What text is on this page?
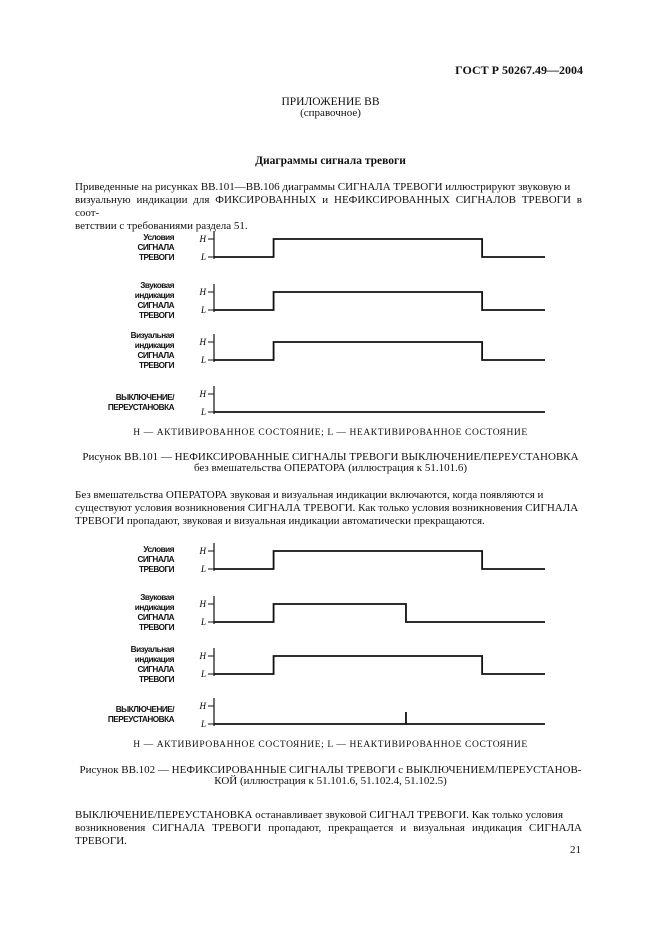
ГОСТ Р 50267.49—2004
ПРИЛОЖЕНИЕ ВВ
(справочное)
Диаграммы сигнала тревоги
Приведенные на рисунках ВВ.101—ВВ.106 диаграммы СИГНАЛА ТРЕВОГИ иллюстрируют звуковую и
визуальную индикации для ФИКСИРОВАННЫХ и НЕФИКСИРОВАННЫХ СИГНАЛОВ ТРЕВОГИ в соот-
ветствии с требованиями раздела 51.
Условия
СИГНАЛА
ТРЕВОГИ
Звуковая
индикация
СИГНАЛА
ТРЕВОГИ
Визуальная
индикация
СИГНАЛА
ТРЕВОГИ
ВЫКЛЮЧЕНИЕ/
ПЕРЕУСТАНОВКА
H — АКТИВИРОВАННОЕ СОСТОЯНИЕ; L — НЕАКТИВИРОВАННОЕ СОСТОЯНИЕ
Рисунок ВВ.101 — НЕФИКСИРОВАННЫЕ СИГНАЛЫ ТРЕВОГИ ВЫКЛЮЧЕНИЕ/ПЕРЕУСТАНОВКА
без вмешательства ОПЕРАТОРА (иллюстрация к 51.101.6)
Без вмешательства ОПЕРАТОРА звуковая и визуальная индикации включаются, когда появляются и
существуют условия возникновения СИГНАЛА ТРЕВОГИ. Как только условия возникновения СИГНАЛА
ТРЕВОГИ пропадают, звуковая и визуальная индикации автоматически прекращаются.
Условия
СИГНАЛА
ТРЕВОГИ
Звуковая
индикация
СИГНАЛА
ТРЕВОГИ
Визуальная
индикация
СИГНАЛА
ТРЕВОГИ
ВЫКЛЮЧЕНИЕ/
ПЕРЕУСТАНОВКА
H — АКТИВИРОВАННОЕ СОСТОЯНИЕ; L — НЕАКТИВИРОВАННОЕ СОСТОЯНИЕ
Рисунок ВВ.102 — НЕФИКСИРОВАННЫЕ СИГНАЛЫ ТРЕВОГИ с ВЫКЛЮЧЕНИЕМ/ПЕРЕУСТАНОВ-
КОЙ (иллюстрация к 51.101.6, 51.102.4, 51.102.5)
ВЫКЛЮЧЕНИЕ/ПЕРЕУСТАНОВКА останавливает звуковой СИГНАЛ ТРЕВОГИ. Как только условия
возникновения СИГНАЛА ТРЕВОГИ пропадают, прекращается и визуальная индикация СИГНАЛА ТРЕВОГИ.
21
H
L
H
L
H
L
H
L
H
L
H
L
H
L
H
L
